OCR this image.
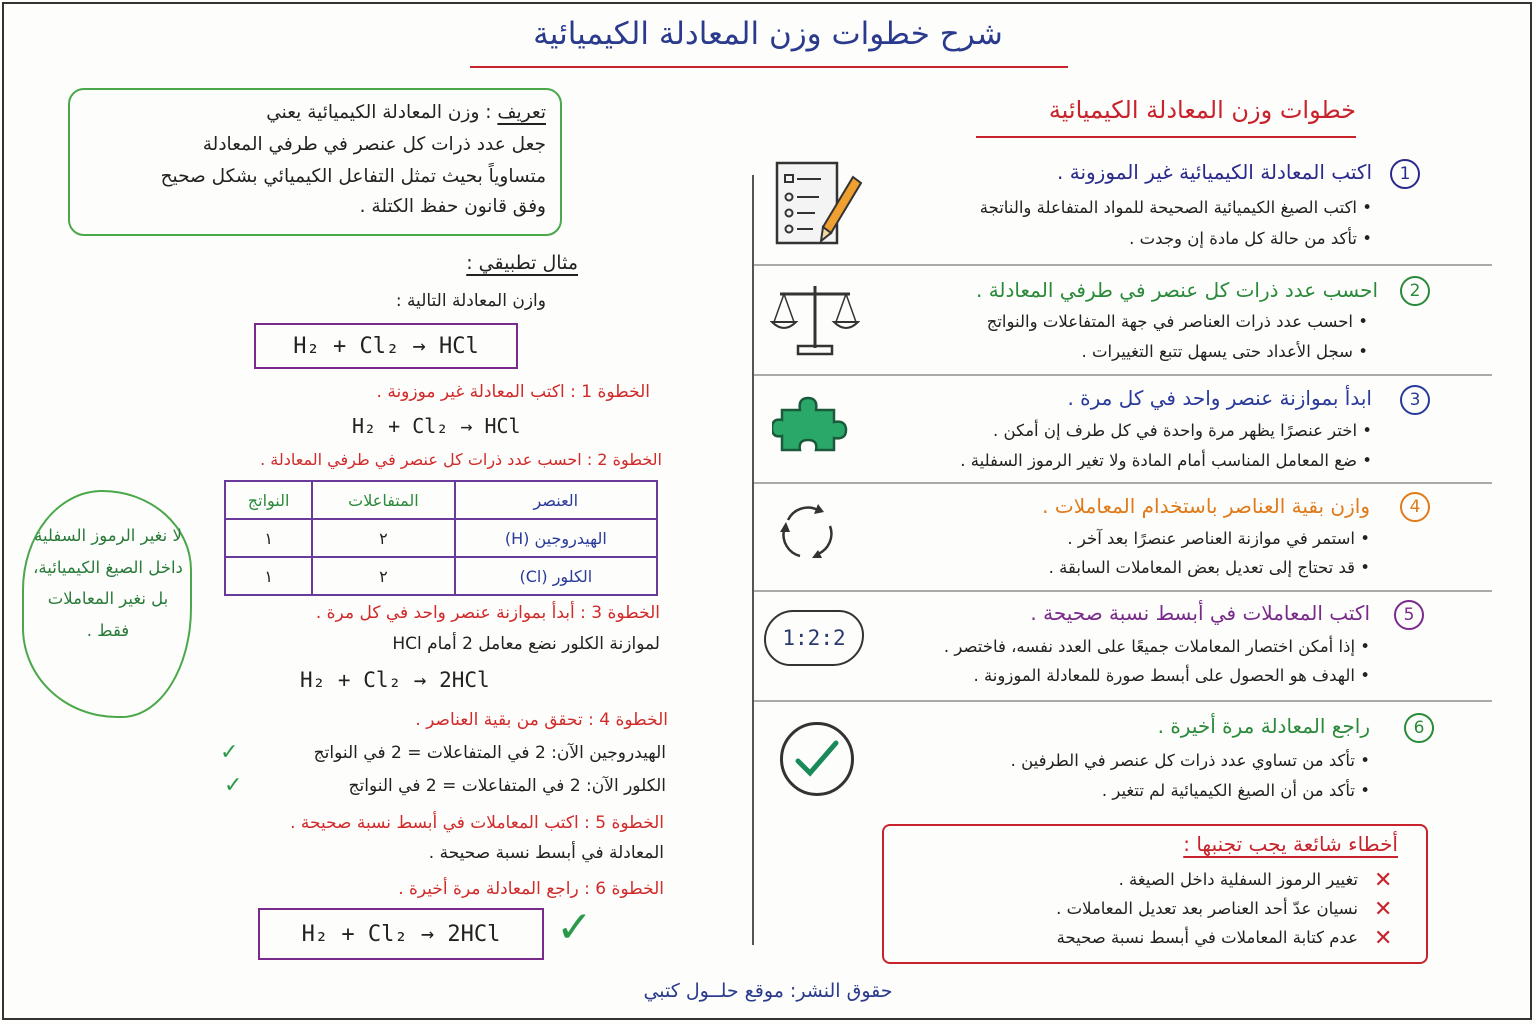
شرح خطوات وزن المعادلة الكيميائية
تعريف : وزن المعادلة الكيميائية يعني
جعل عدد ذرات كل عنصر في طرفي المعادلة
متساوياً بحيث تمثل التفاعل الكيميائي بشكل صحيح
وفق قانون حفظ الكتلة .
مثال تطبيقي :
وازن المعادلة التالية :
H₂ + Cl₂ → HCl
الخطوة 1 : اكتب المعادلة غير موزونة .
H₂ + Cl₂ → HCl
الخطوة 2 : احسب عدد ذرات كل عنصر في طرفي المعادلة .
العنصر	المتفاعلات	النواتج
الهيدروجين (H)	٢	١
الكلور (Cl)	٢	١
الخطوة 3 : أبدأ بموازنة عنصر واحد في كل مرة .
لموازنة الكلور نضع معامل 2 أمام HCl
H₂ + Cl₂ → 2HCl
الخطوة 4 : تحقق من بقية العناصر .
الهيدروجين الآن: 2 في المتفاعلات = 2 في النواتج
✓
الكلور الآن: 2 في المتفاعلات = 2 في النواتج
✓
الخطوة 5 : اكتب المعاملات في أبسط نسبة صحيحة .
المعادلة في أبسط نسبة صحيحة .
الخطوة 6 : راجع المعادلة مرة أخيرة .
H₂ + Cl₂ → 2HCl	✓
لا نغير الرموز السفلية داخل الصيغ الكيميائية، بل نغير المعاملات فقط .
خطوات وزن المعادلة الكيميائية
1
اكتب المعادلة الكيميائية غير الموزونة .
• اكتب الصيغ الكيميائية الصحيحة للمواد المتفاعلة والناتجة
• تأكد من حالة كل مادة إن وجدت .
2
احسب عدد ذرات كل عنصر في طرفي المعادلة .
• احسب عدد ذرات العناصر في جهة المتفاعلات والنواتج
• سجل الأعداد حتى يسهل تتبع التغييرات .
3
ابدأ بموازنة عنصر واحد في كل مرة .
• اختر عنصرًا يظهر مرة واحدة في كل طرف إن أمكن .
• ضع المعامل المناسب أمام المادة ولا تغير الرموز السفلية .
4
وازن بقية العناصر باستخدام المعاملات .
• استمر في موازنة العناصر عنصرًا بعد آخر .
• قد تحتاج إلى تعديل بعض المعاملات السابقة .
5
اكتب المعاملات في أبسط نسبة صحيحة .
• إذا أمكن اختصار المعاملات جميعًا على العدد نفسه، فاختصر .
• الهدف هو الحصول على أبسط صورة للمعادلة الموزونة .
1:2:2
6
راجع المعادلة مرة أخيرة .
• تأكد من تساوي عدد ذرات كل عنصر في الطرفين .
• تأكد من أن الصيغ الكيميائية لم تتغير .
أخطاء شائعة يجب تجنبها :
تغيير الرموز السفلية داخل الصيغة . ✕
نسيان عدّ أحد العناصر بعد تعديل المعاملات . ✕
عدم كتابة المعاملات في أبسط نسبة صحيحة ✕
حقوق النشر: موقع حلــول كتبي
